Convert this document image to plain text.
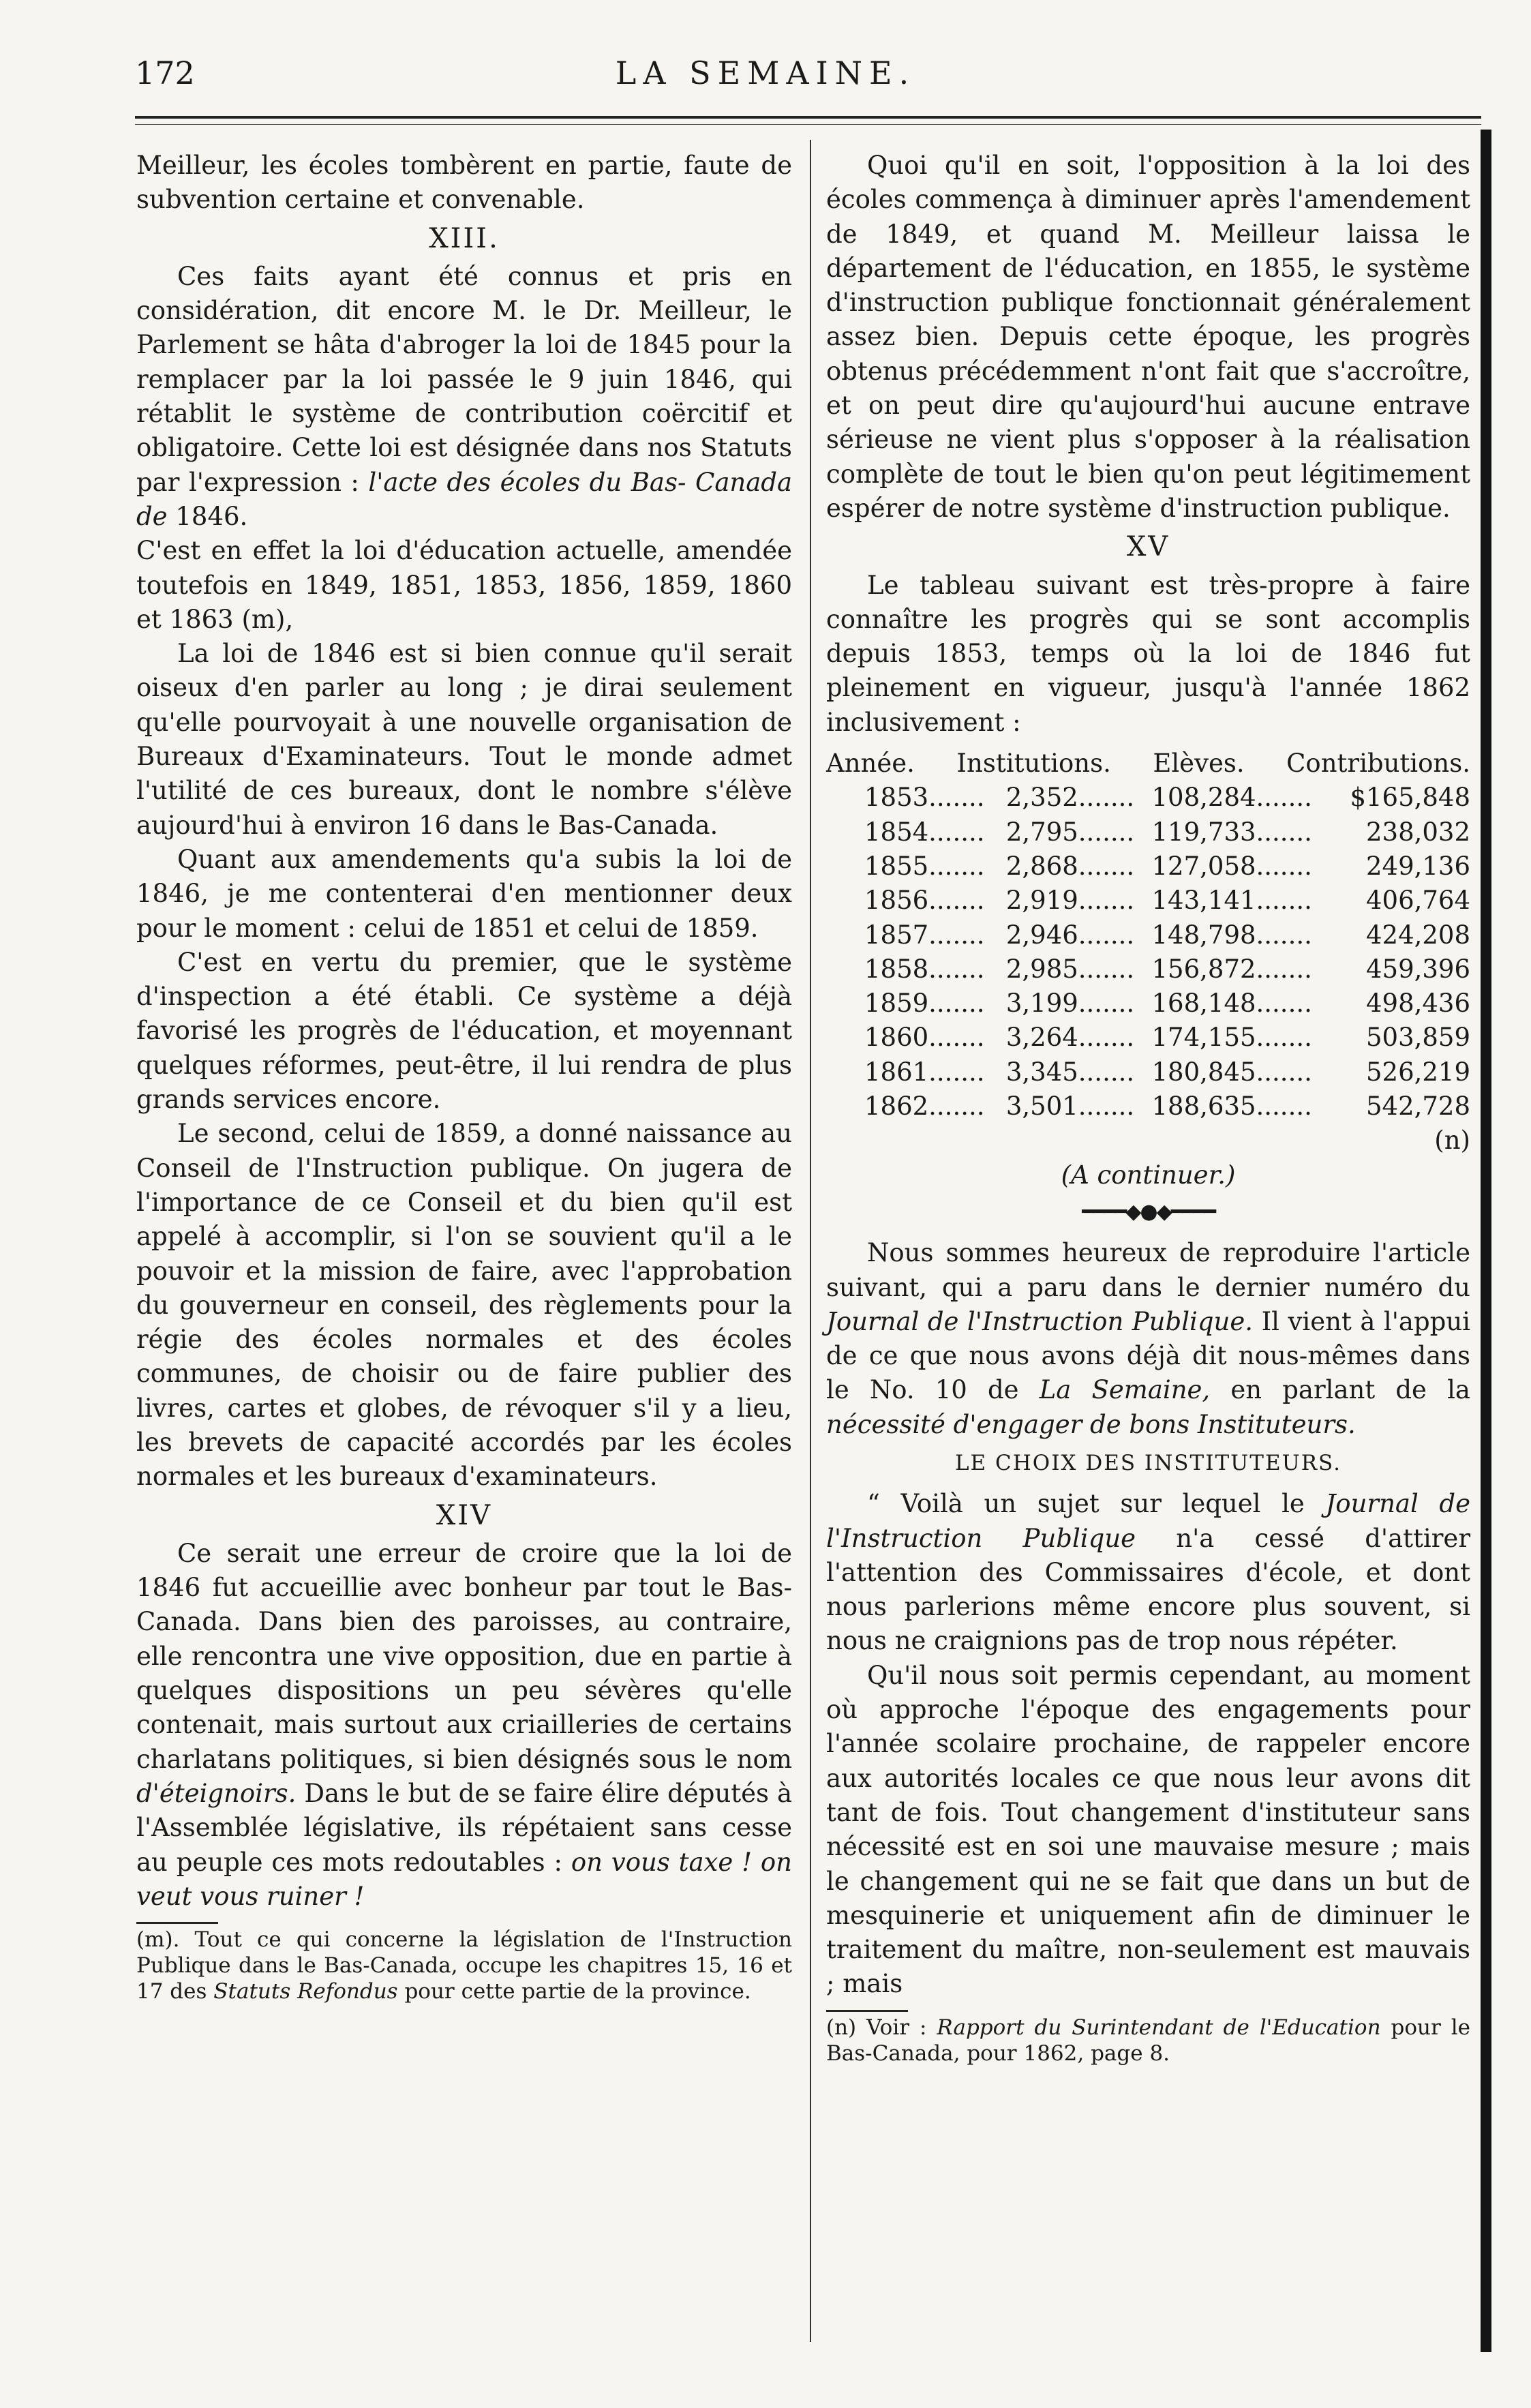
172	LA SEMAINE.

Meilleur, les écoles tombèrent en partie, faute de subvention certaine et convenable.

XIII.

Ces faits ayant été connus et pris en considération, dit encore M. le Dr. Meilleur, le Parlement se hâta d'abroger la loi de 1845 pour la remplacer par la loi passée le 9 juin 1846, qui rétablit le système de contribution coërcitif et obligatoire. Cette loi est désignée dans nos Statuts par l'expression : l'acte des écoles du Bas- Canada de 1846.

C'est en effet la loi d'éducation actuelle, amendée toutefois en 1849, 1851, 1853, 1856, 1859, 1860 et 1863 (m),

La loi de 1846 est si bien connue qu'il serait oiseux d'en parler au long ; je dirai seulement qu'elle pourvoyait à une nouvelle organisation de Bureaux d'Examinateurs. Tout le monde admet l'utilité de ces bureaux, dont le nombre s'élève aujourd'hui à environ 16 dans le Bas-Canada.

Quant aux amendements qu'a subis la loi de 1846, je me contenterai d'en mentionner deux pour le moment : celui de 1851 et celui de 1859.

C'est en vertu du premier, que le système d'inspection a été établi. Ce système a déjà favorisé les progrès de l'éducation, et moyennant quelques réformes, peut-être, il lui rendra de plus grands services encore.

Le second, celui de 1859, a donné naissance au Conseil de l'Instruction publique. On jugera de l'importance de ce Conseil et du bien qu'il est appelé à accomplir, si l'on se souvient qu'il a le pouvoir et la mission de faire, avec l'approbation du gouverneur en conseil, des règlements pour la régie des écoles normales et des écoles communes, de choisir ou de faire publier des livres, cartes et globes, de révoquer s'il y a lieu, les brevets de capacité accordés par les écoles normales et les bureaux d'examinateurs.

XIV

Ce serait une erreur de croire que la loi de 1846 fut accueillie avec bonheur par tout le Bas-Canada. Dans bien des paroisses, au contraire, elle rencontra une vive opposition, due en partie à quelques dispositions un peu sévères qu'elle contenait, mais surtout aux criailleries de certains charlatans politiques, si bien désignés sous le nom d'éteignoirs. Dans le but de se faire élire députés à l'Assemblée législative, ils répétaient sans cesse au peuple ces mots redoutables : on vous taxe ! on veut vous ruiner !

(m). Tout ce qui concerne la législation de l'Instruction Publique dans le Bas-Canada, occupe les chapitres 15, 16 et 17 des Statuts Refondus pour cette partie de la province.

Quoi qu'il en soit, l'opposition à la loi des écoles commença à diminuer après l'amendement de 1849, et quand M. Meilleur laissa le département de l'éducation, en 1855, le système d'instruction publique fonctionnait généralement assez bien. Depuis cette époque, les progrès obtenus précédemment n'ont fait que s'accroître, et on peut dire qu'aujourd'hui aucune entrave sérieuse ne vient plus s'opposer à la réalisation complète de tout le bien qu'on peut légitimement espérer de notre système d'instruction publique.

XV

Le tableau suivant est très-propre à faire connaître les progrès qui se sont accomplis depuis 1853, temps où la loi de 1846 fut pleinement en vigueur, jusqu'à l'année 1862 inclusivement :

Année. Institutions. Elèves. Contributions.
1853.......	2,352.......	108,284.......	$165,848
1854.......	2,795.......	119,733.......	238,032
1855.......	2,868.......	127,058.......	249,136
1856.......	2,919.......	143,141.......	406,764
1857.......	2,946.......	148,798.......	424,208
1858.......	2,985.......	156,872.......	459,396
1859.......	3,199.......	168,148.......	498,436
1860.......	3,264.......	174,155.......	503,859
1861.......	3,345.......	180,845.......	526,219
1862.......	3,501.......	188,635.......	542,728
(n)
(A continuer.)
━━━━◆●◆━━━━

Nous sommes heureux de reproduire l'article suivant, qui a paru dans le dernier numéro du Journal de l'Instruction Publique. Il vient à l'appui de ce que nous avons déjà dit nous-mêmes dans le No. 10 de La Semaine, en parlant de la nécessité d'engager de bons Instituteurs.

LE CHOIX DES INSTITUTEURS.

“ Voilà un sujet sur lequel le Journal de l'Instruction Publique n'a cessé d'attirer l'attention des Commissaires d'école, et dont nous parlerions même encore plus souvent, si nous ne craignions pas de trop nous répéter.

Qu'il nous soit permis cependant, au moment où approche l'époque des engagements pour l'année scolaire prochaine, de rappeler encore aux autorités locales ce que nous leur avons dit tant de fois. Tout changement d'instituteur sans nécessité est en soi une mauvaise mesure ; mais le changement qui ne se fait que dans un but de mesquinerie et uniquement afin de diminuer le traitement du maître, non-seulement est mauvais ; mais

(n) Voir : Rapport du Surintendant de l'Education pour le Bas-Canada, pour 1862, page 8.
